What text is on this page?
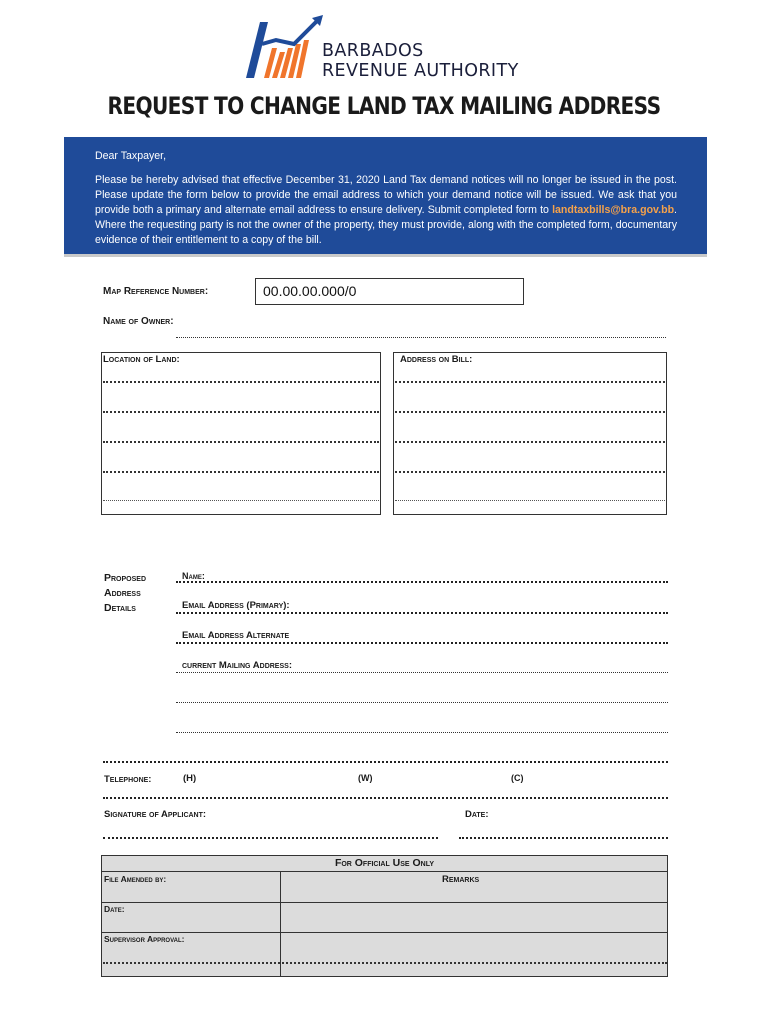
BARBADOS
REVENUE AUTHORITY
REQUEST TO CHANGE LAND TAX MAILING ADDRESS

Dear Taxpayer,

Please be hereby advised that effective December 31, 2020 Land Tax demand notices will no longer be issued in the post. Please update the form below to provide the email address to which your demand notice will be issued. We ask that you provide both a primary and alternate email address to ensure delivery. Submit completed form to landtaxbills@bra.gov.bb. Where the requesting party is not the owner of the property, they must provide, along with the completed form, documentary evidence of their entitlement to a copy of the bill.

Map Reference Number:	00.00.00.000/0
Name of Owner:
Location of Land:	Address on Bill:
Proposed
Address
Details
Name:
Email Address (Primary):
Email Address Alternate
current Mailing Address:
Telephone:	(H)	(W)	(C)
Signature of Applicant:	Date:
For Official Use Only
File Amended by:	Remarks
Date:
Supervisor Approval:
